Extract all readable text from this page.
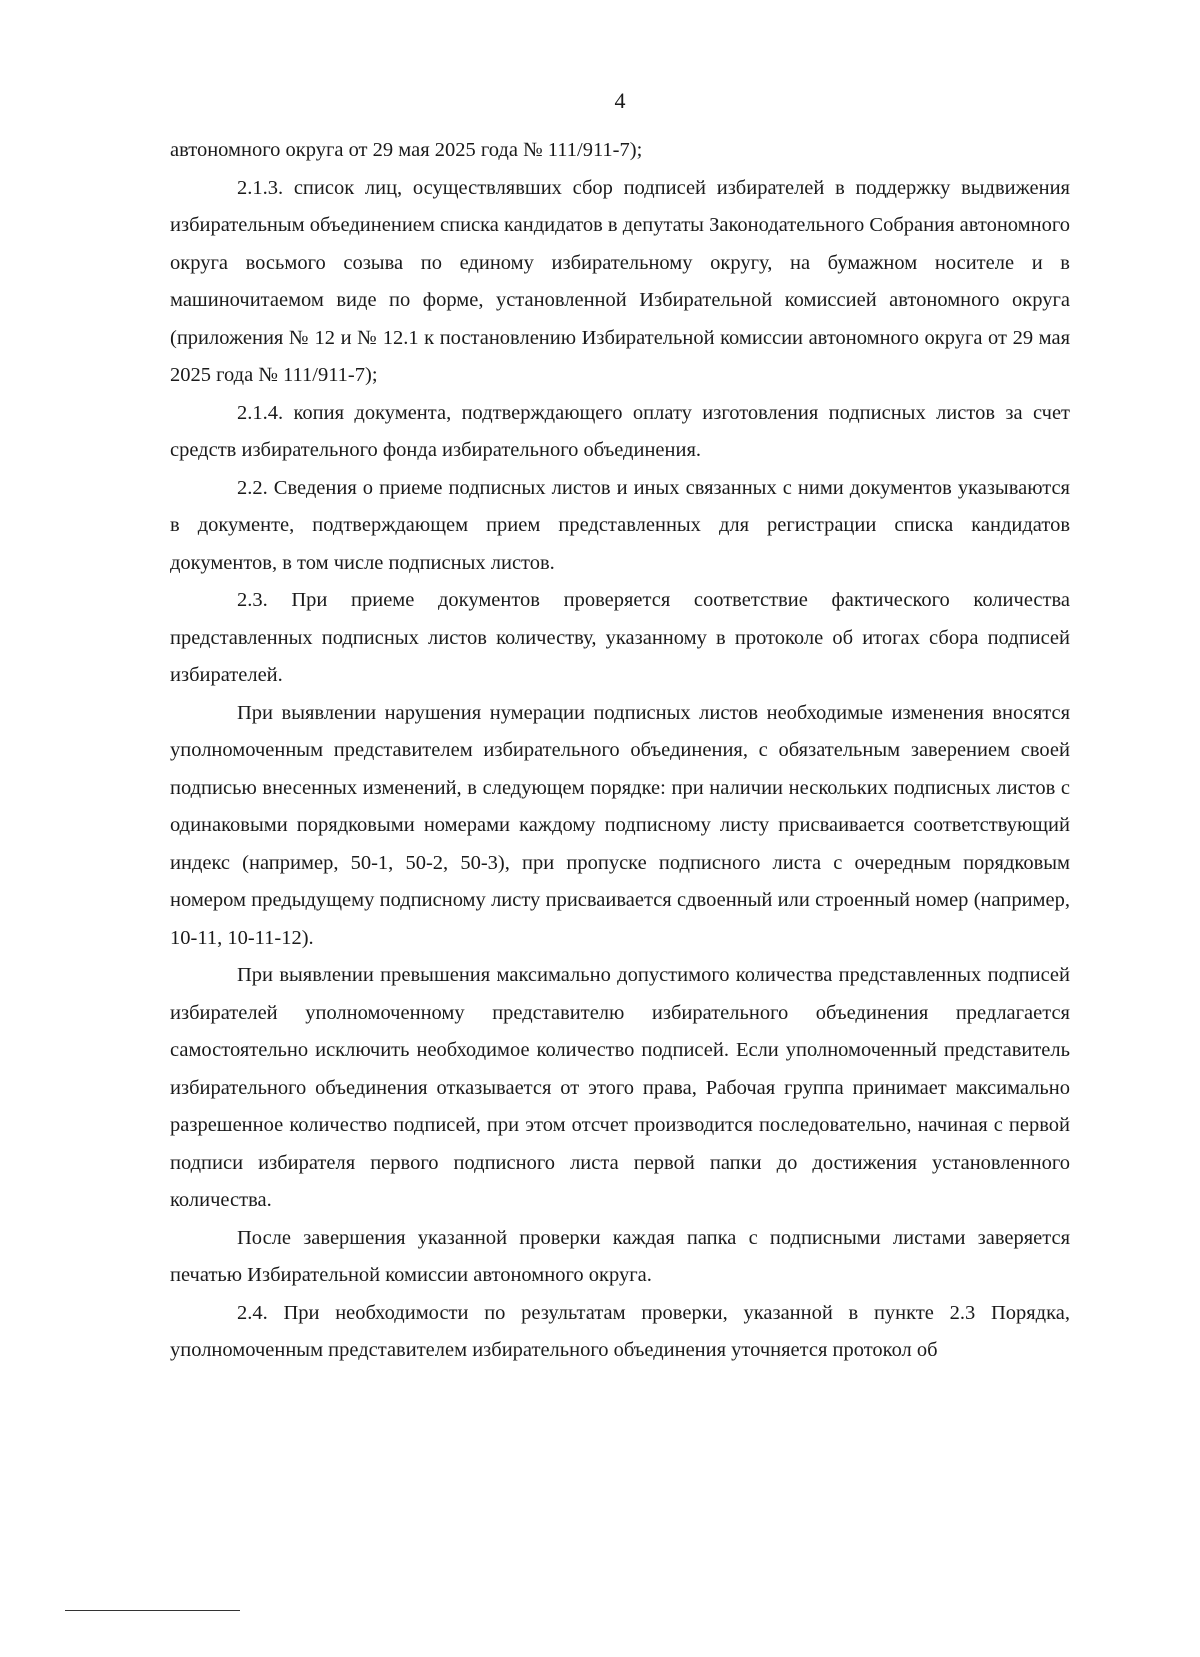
4

автономного округа от 29 мая 2025 года № 111/911-7);

2.1.3. список лиц, осуществлявших сбор подписей избирателей в поддержку выдвижения избирательным объединением списка кандидатов в депутаты Законодательного Собрания автономного округа восьмого созыва по единому избирательному округу, на бумажном носителе и в машиночитаемом виде по форме, установленной Избирательной комиссией автономного округа (приложения № 12 и № 12.1 к постановлению Избирательной комиссии автономного округа от 29 мая 2025 года № 111/911-7);

2.1.4. копия документа, подтверждающего оплату изготовления подписных листов за счет средств избирательного фонда избирательного объединения.

2.2. Сведения о приеме подписных листов и иных связанных с ними документов указываются в документе, подтверждающем прием представленных для регистрации списка кандидатов документов, в том числе подписных листов.

2.3. При приеме документов проверяется соответствие фактического количества представленных подписных листов количеству, указанному в протоколе об итогах сбора подписей избирателей.

При выявлении нарушения нумерации подписных листов необходимые изменения вносятся уполномоченным представителем избирательного объединения, с обязательным заверением своей подписью внесенных изменений, в следующем порядке: при наличии нескольких подписных листов с одинаковыми порядковыми номерами каждому подписному листу присваивается соответствующий индекс (например, 50-1, 50-2, 50-3), при пропуске подписного листа с очередным порядковым номером предыдущему подписному листу присваивается сдвоенный или строенный номер (например, 10-11, 10-11-12).

При выявлении превышения максимально допустимого количества представленных подписей избирателей уполномоченному представителю избирательного объединения предлагается самостоятельно исключить необходимое количество подписей. Если уполномоченный представитель избирательного объединения отказывается от этого права, Рабочая группа принимает максимально разрешенное количество подписей, при этом отсчет производится последовательно, начиная с первой подписи избирателя первого подписного листа первой папки до достижения установленного количества.

После завершения указанной проверки каждая папка с подписными листами заверяется печатью Избирательной комиссии автономного округа.

2.4. При необходимости по результатам проверки, указанной в пункте 2.3 Порядка, уполномоченным представителем избирательного объединения уточняется протокол об
